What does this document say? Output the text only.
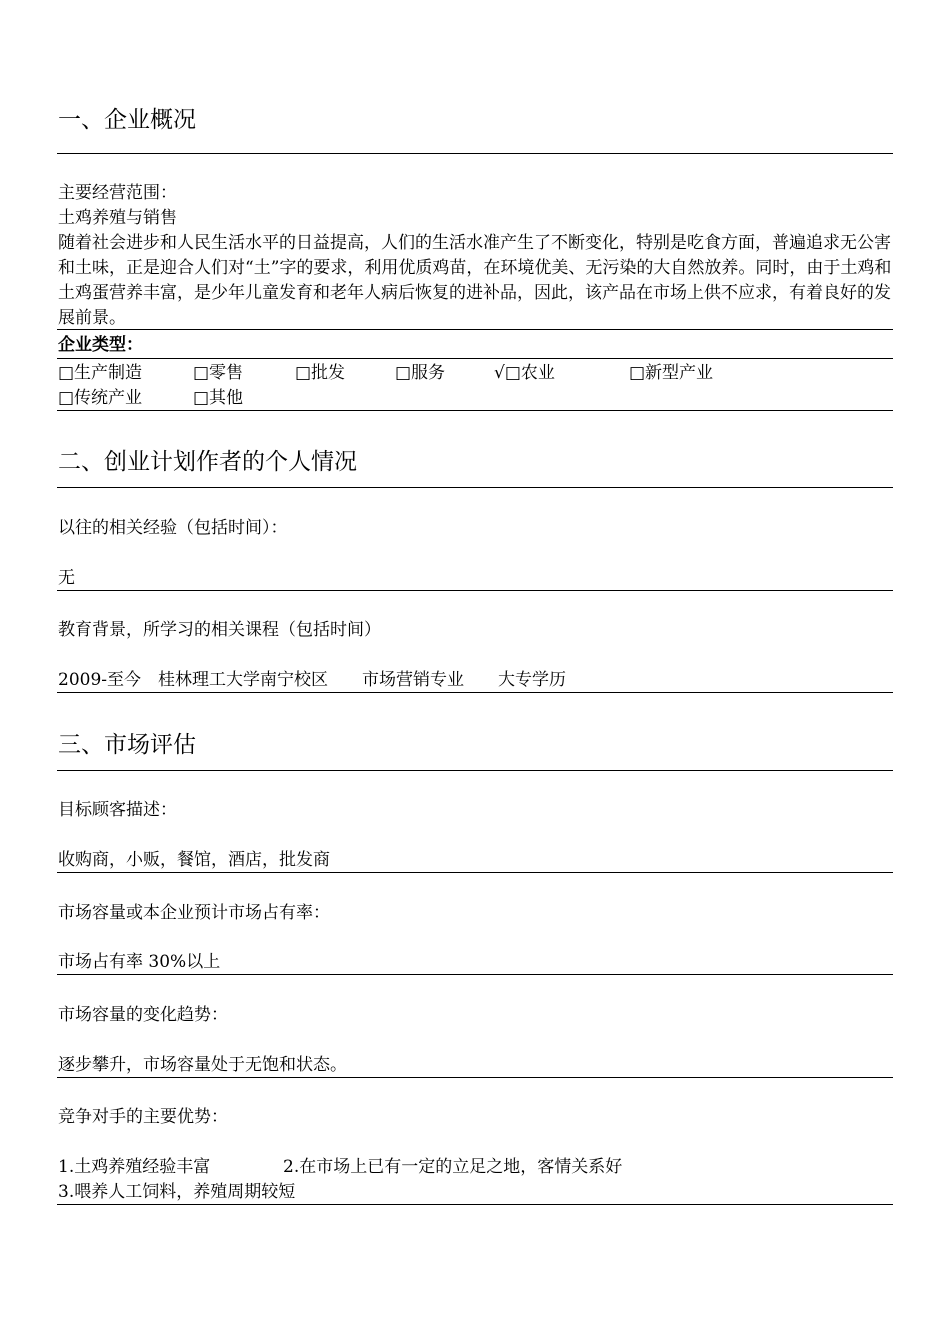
一、企业概况
主要经营范围：
土鸡养殖与销售
随着社会进步和人民生活水平的日益提高，人们的生活水准产生了不断变化，特别是吃食方面，普遍追求无公害和土味，正是迎合人们对“土”字的要求，利用优质鸡苗，在环境优美、无污染的大自然放养。同时，由于土鸡和土鸡蛋营养丰富，是少年儿童发育和老年人病后恢复的进补品，因此，该产品在市场上供不应求，有着良好的发展前景。
企业类型：
□生产制造	□零售	□批发	□服务	√□农业	□新型产业
□传统产业	□其他
二、创业计划作者的个人情况
以往的相关经验（包括时间）：
无
教育背景，所学习的相关课程（包括时间）
2009-至今　桂林理工大学南宁校区　　市场营销专业　　大专学历
三、市场评估
目标顾客描述：
收购商，小贩，餐馆，酒店，批发商
市场容量或本企业预计市场占有率：
市场占有率 30%以上
市场容量的变化趋势：
逐步攀升，市场容量处于无饱和状态。
竞争对手的主要优势：
1.土鸡养殖经验丰富	2.在市场上已有一定的立足之地，客情关系好
3.喂养人工饲料，养殖周期较短
